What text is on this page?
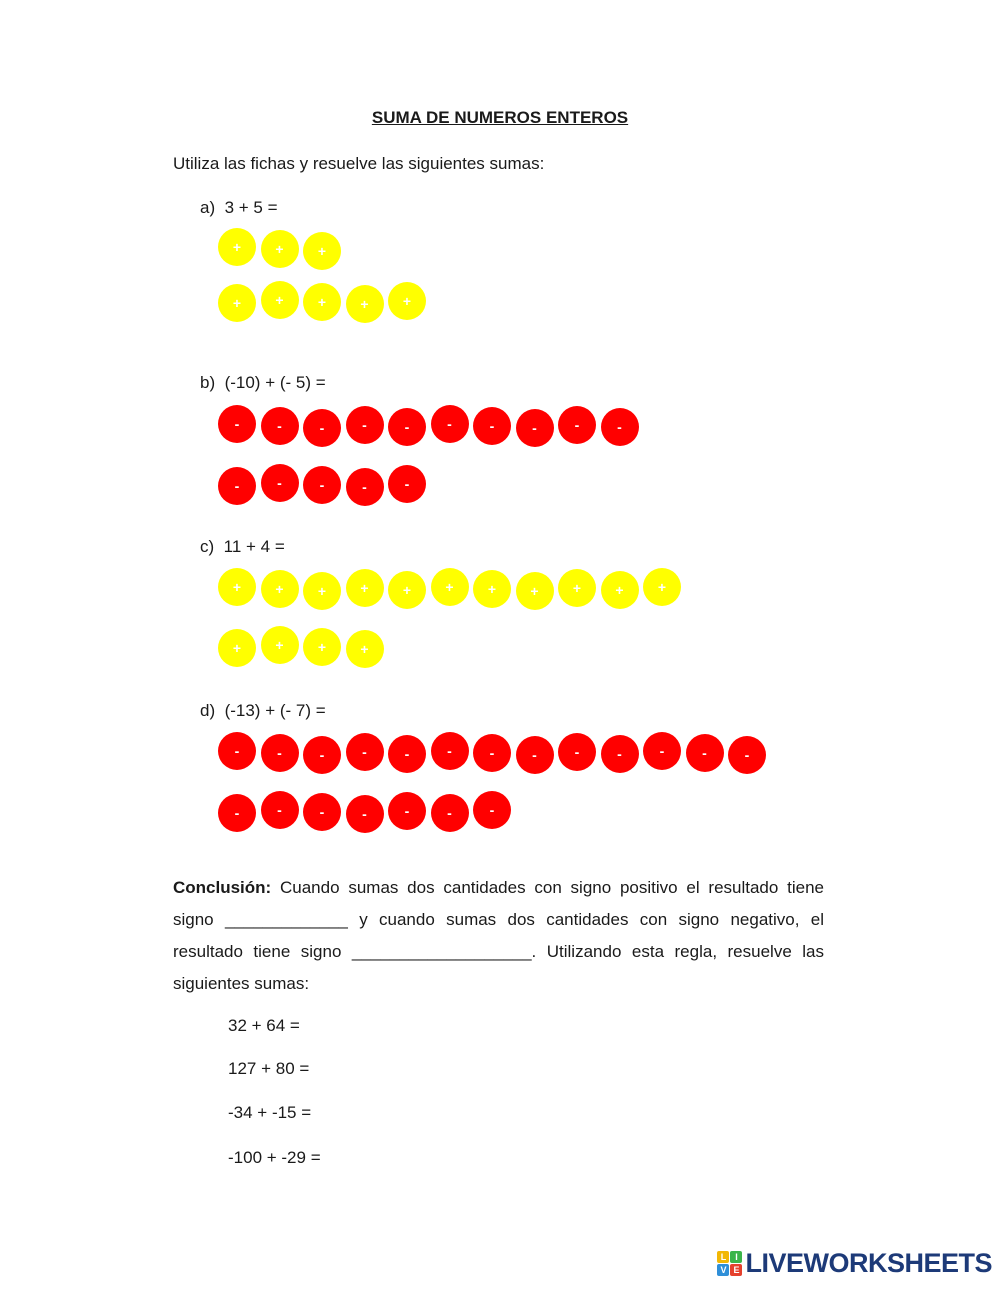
SUMA DE NUMEROS ENTEROS
Utiliza las fichas y resuelve las siguientes sumas:
a) 3 + 5 =
b) (-10) + (- 5) =
c) 11 + 4 =
d) (-13) + (- 7) =
+	+	+
+	+	+	+	+
-	-	-	-	-	-	-	-	-	-
-	-	-	-	-
+	+	+	+	+	+	+	+	+	+	+
+	+	+	+
-	-	-	-	-	-	-	-	-	-	-	-	-
-	-	-	-	-	-	-
Conclusión: Cuando sumas dos cantidades con signo positivo el resultado tiene signo _____________ y cuando sumas dos cantidades con signo negativo, el resultado tiene signo ___________________. Utilizando esta regla, resuelve las siguientes sumas:
32 + 64 =
127 + 80 =
-34 + -15 =
-100 + -29 =
L I
V E LIVEWORKSHEETS
